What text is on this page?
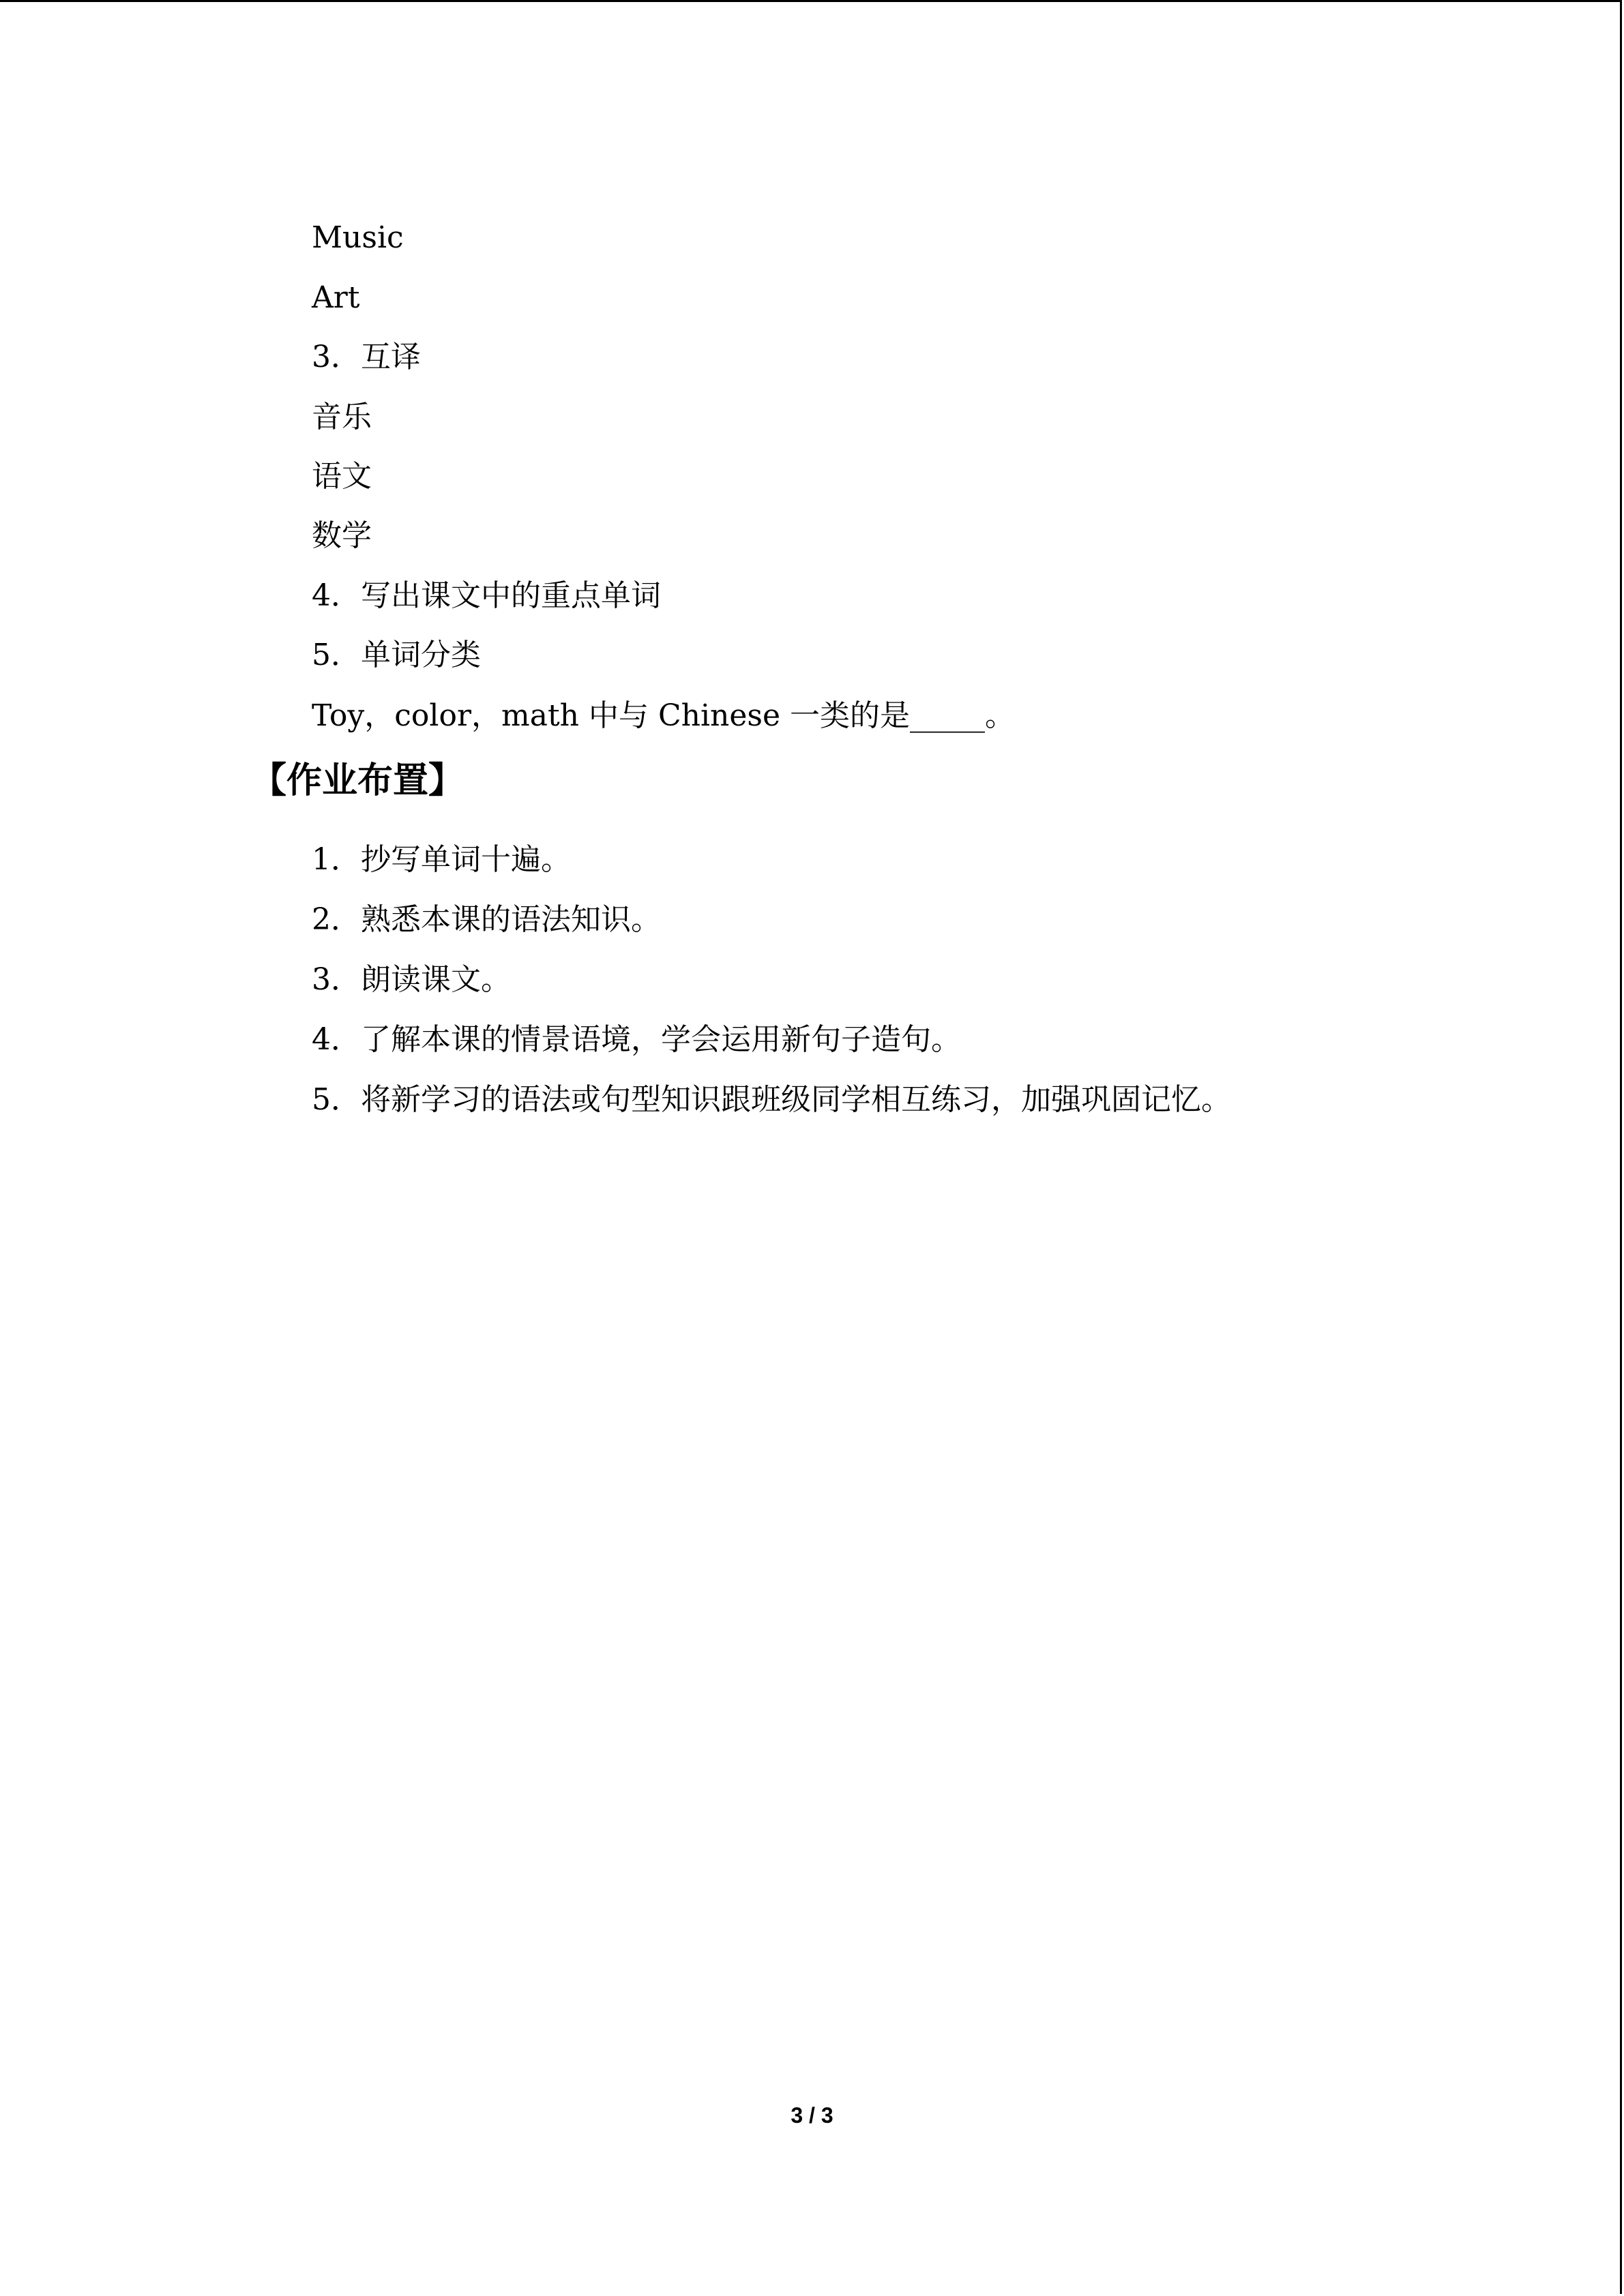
Music
Art
3．互译
音乐
语文
数学
4．写出课文中的重点单词
5．单词分类
Toy，color，math 中与 Chinese 一类的是_____。
【作业布置】
1．抄写单词十遍。
2．熟悉本课的语法知识。
3．朗读课文。
4．了解本课的情景语境，学会运用新句子造句。
5．将新学习的语法或句型知识跟班级同学相互练习，加强巩固记忆。
3 / 3
